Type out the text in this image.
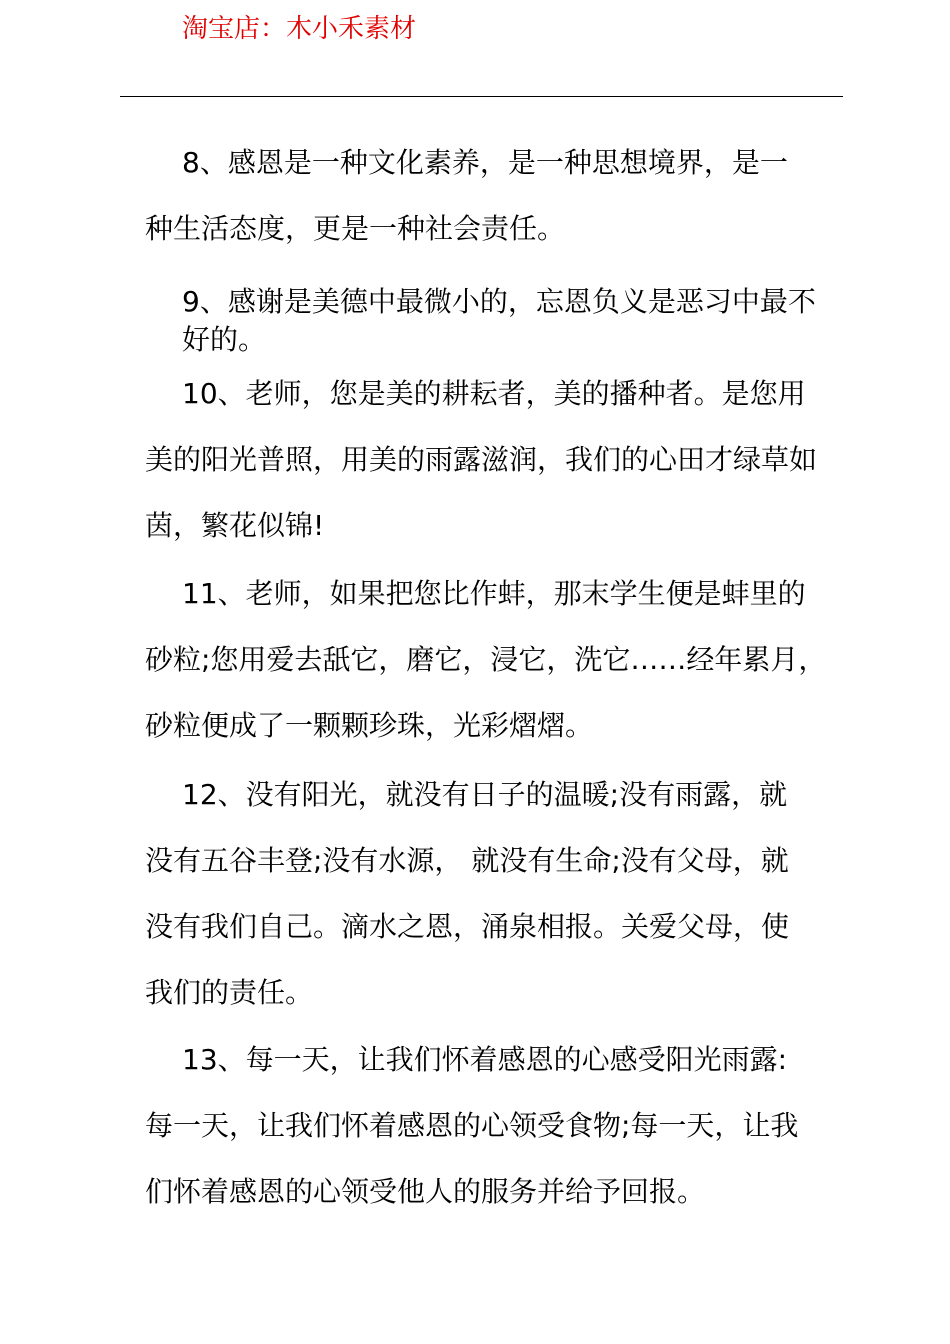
淘宝店：木小禾素材
8、感恩是一种文化素养，是一种思想境界，是一
种生活态度，更是一种社会责任。
9、感谢是美德中最微小的，忘恩负义是恶习中最不
好的。
10、老师，您是美的耕耘者，美的播种者。是您用
美的阳光普照，用美的雨露滋润，我们的心田才绿草如
茵，繁花似锦!
11、老师，如果把您比作蚌，那末学生便是蚌里的
砂粒;您用爱去舐它，磨它，浸它，洗它……经年累月，
砂粒便成了一颗颗珍珠，光彩熠熠。
12、没有阳光，就没有日子的温暖;没有雨露，就
没有五谷丰登;没有水源， 就没有生命;没有父母，就
没有我们自己。滴水之恩，涌泉相报。关爱父母，使
我们的责任。
13、每一天，让我们怀着感恩的心感受阳光雨露:
每一天，让我们怀着感恩的心领受食物;每一天，让我
们怀着感恩的心领受他人的服务并给予回报。
